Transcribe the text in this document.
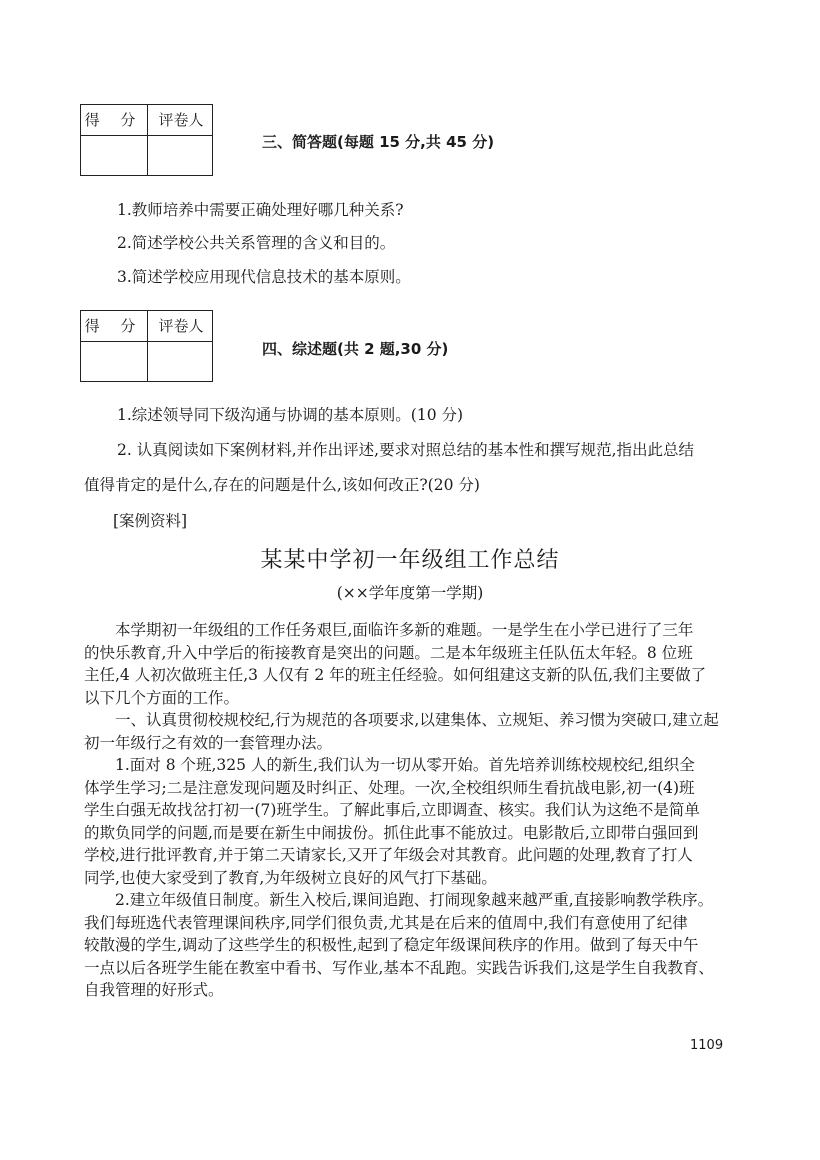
得 分	评卷人
三、简答题(每题 15 分,共 45 分)
1.教师培养中需要正确处理好哪几种关系?
2.简述学校公共关系管理的含义和目的。
3.简述学校应用现代信息技术的基本原则。
得 分	评卷人
四、综述题(共 2 题,30 分)
1.综述领导同下级沟通与协调的基本原则。(10 分)
2. 认真阅读如下案例材料,并作出评述,要求对照总结的基本性和撰写规范,指出此总结
值得肯定的是什么,存在的问题是什么,该如何改正?(20 分)
[案例资料]
某某中学初一年级组工作总结
(××学年度第一学期)

　　本学期初一年级组的工作任务艰巨,面临许多新的难题。一是学生在小学已进行了三年

的快乐教育,升入中学后的衔接教育是突出的问题。二是本年级班主任队伍太年轻。8 位班

主任,4 人初次做班主任,3 人仅有 2 年的班主任经验。如何组建这支新的队伍,我们主要做了

以下几个方面的工作。

　　一、认真贯彻校规校纪,行为规范的各项要求,以建集体、立规矩、养习惯为突破口,建立起

初一年级行之有效的一套管理办法。

　　1.面对 8 个班,325 人的新生,我们认为一切从零开始。首先培养训练校规校纪,组织全

体学生学习;二是注意发现问题及时纠正、处理。一次,全校组织师生看抗战电影,初一(4)班

学生白强无故找岔打初一(7)班学生。了解此事后,立即调查、核实。我们认为这绝不是简单

的欺负同学的问题,而是要在新生中闹拔份。抓住此事不能放过。电影散后,立即带白强回到

学校,进行批评教育,并于第二天请家长,又开了年级会对其教育。此问题的处理,教育了打人

同学,也使大家受到了教育,为年级树立良好的风气打下基础。

　　2.建立年级值日制度。新生入校后,课间追跑、打闹现象越来越严重,直接影响教学秩序。

我们每班选代表管理课间秩序,同学们很负责,尤其是在后来的值周中,我们有意使用了纪律

较散漫的学生,调动了这些学生的积极性,起到了稳定年级课间秩序的作用。做到了每天中午

一点以后各班学生能在教室中看书、写作业,基本不乱跑。实践告诉我们,这是学生自我教育、

自我管理的好形式。

1109
